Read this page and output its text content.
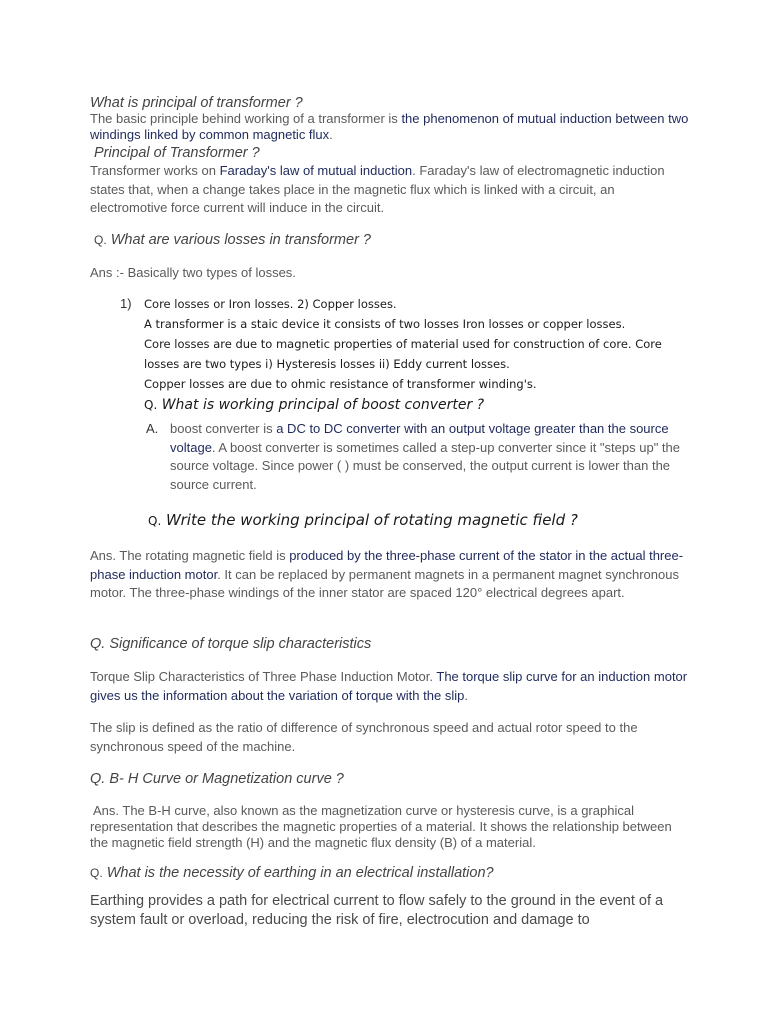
What is principal of transformer ?

The basic principle behind working of a transformer is the phenomenon of mutual induction between two windings linked by common magnetic flux.

Principal of Transformer ?

Transformer works on Faraday's law of mutual induction. Faraday's law of electromagnetic induction states that, when a change takes place in the magnetic flux which is linked with a circuit, an electromotive force current will induce in the circuit.

Q. What are various losses in transformer ?

Ans :- Basically two types of losses.

1) Core losses or Iron losses. 2) Copper losses.
A transformer is a staic device it consists of two losses Iron losses or copper losses.
Core losses are due to magnetic properties of material used for construction of core. Core losses are two types i) Hysteresis losses ii) Eddy current losses.
Copper losses are due to ohmic resistance of transformer winding's.

Q. What is working principal of boost converter ?

A. boost converter is a DC to DC converter with an output voltage greater than the source voltage. A boost converter is sometimes called a step-up converter since it "steps up" the source voltage. Since power ( ) must be conserved, the output current is lower than the source current.

Q. Write the working principal of rotating magnetic field ?

Ans. The rotating magnetic field is produced by the three-phase current of the stator in the actual three-phase induction motor. It can be replaced by permanent magnets in a permanent magnet synchronous motor. The three-phase windings of the inner stator are spaced 120° electrical degrees apart.

Q. Significance of torque slip characteristics

Torque Slip Characteristics of Three Phase Induction Motor. The torque slip curve for an induction motor gives us the information about the variation of torque with the slip.

The slip is defined as the ratio of difference of synchronous speed and actual rotor speed to the synchronous speed of the machine.

Q. B- H Curve or Magnetization curve ?

Ans. The B-H curve, also known as the magnetization curve or hysteresis curve, is a graphical representation that describes the magnetic properties of a material. It shows the relationship between the magnetic field strength (H) and the magnetic flux density (B) of a material.

Q. What is the necessity of earthing in an electrical installation?

Earthing provides a path for electrical current to flow safely to the ground in the event of a system fault or overload, reducing the risk of fire, electrocution and damage to
